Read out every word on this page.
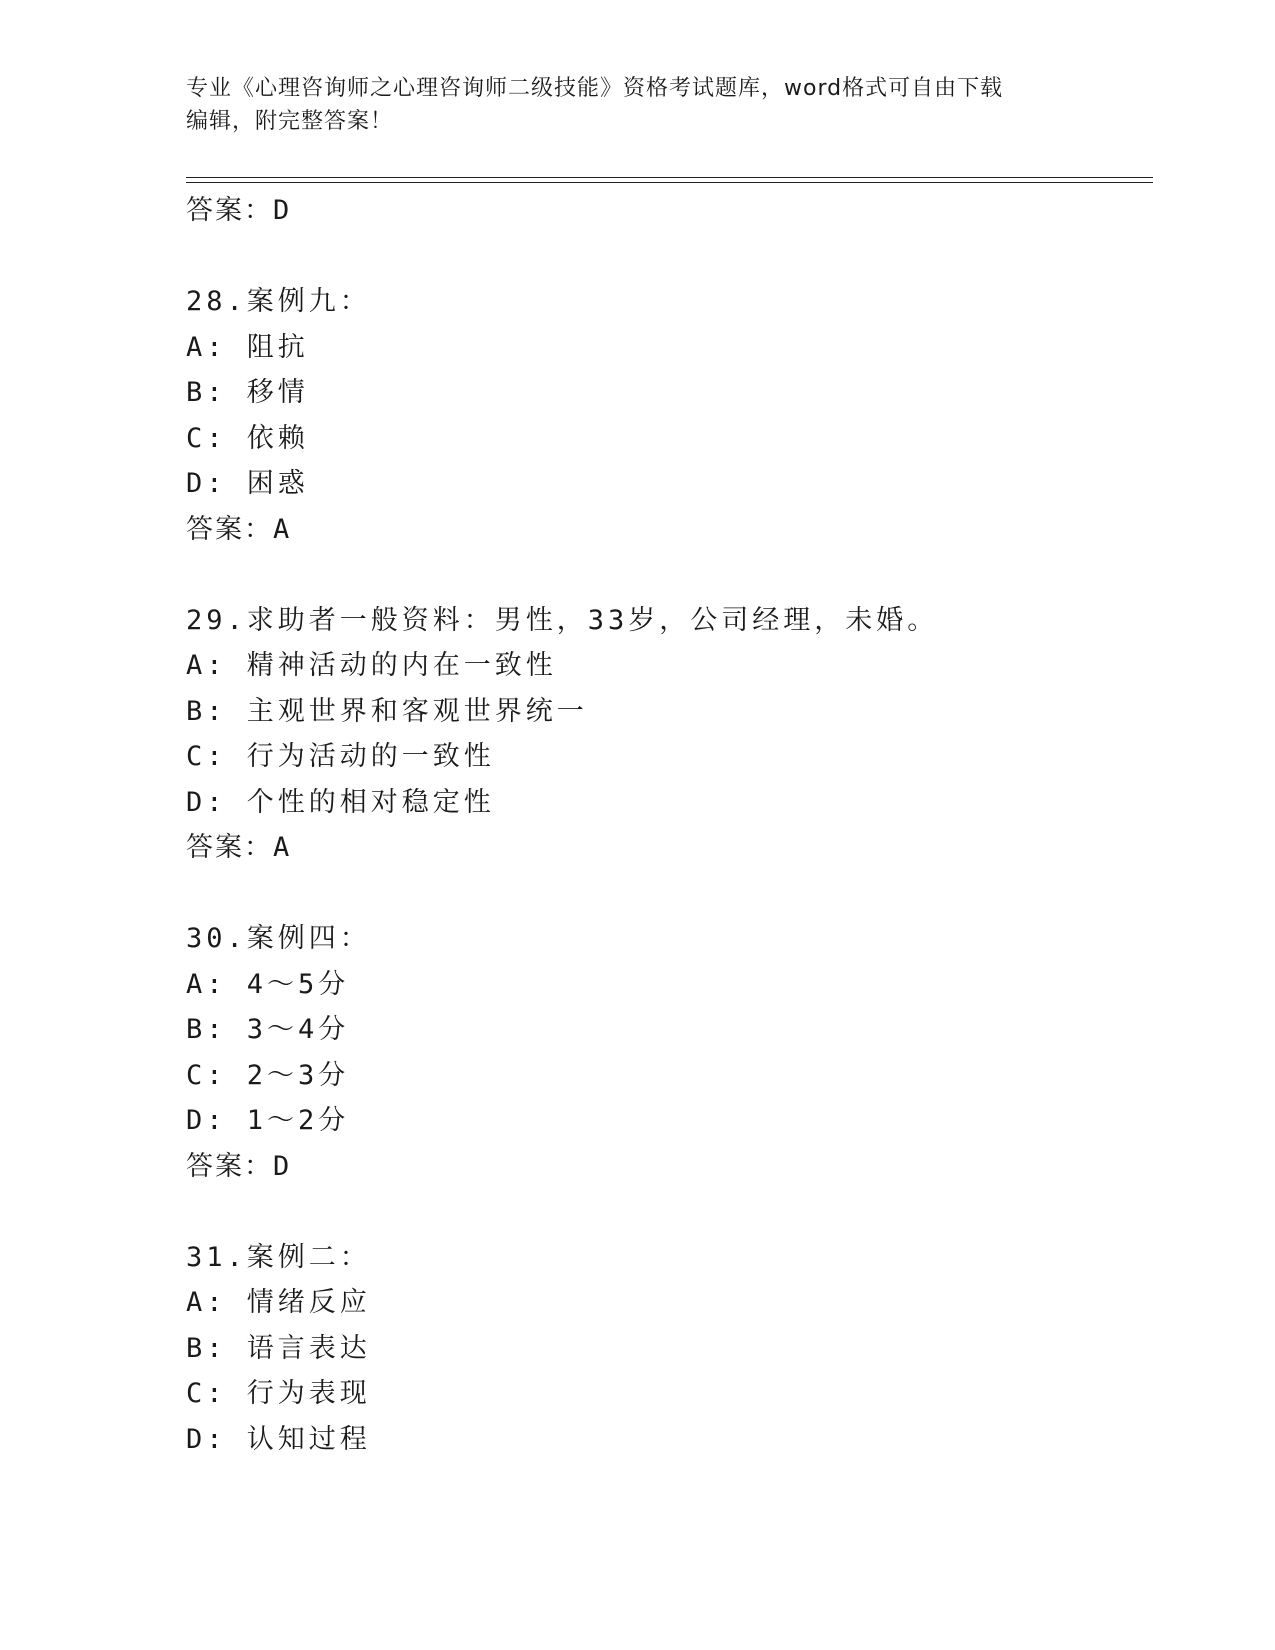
专业《心理咨询师之心理咨询师二级技能》资格考试题库，word格式可自由下载
编辑，附完整答案！
答案：D
28.案例九：
A: 阻抗
B: 移情
C: 依赖
D: 困惑
答案：A
29.求助者一般资料：男性，33岁，公司经理，未婚。
A: 精神活动的内在一致性
B: 主观世界和客观世界统一
C: 行为活动的一致性
D: 个性的相对稳定性
答案：A
30.案例四：
A: 4～5分
B: 3～4分
C: 2～3分
D: 1～2分
答案：D
31.案例二：
A: 情绪反应
B: 语言表达
C: 行为表现
D: 认知过程
